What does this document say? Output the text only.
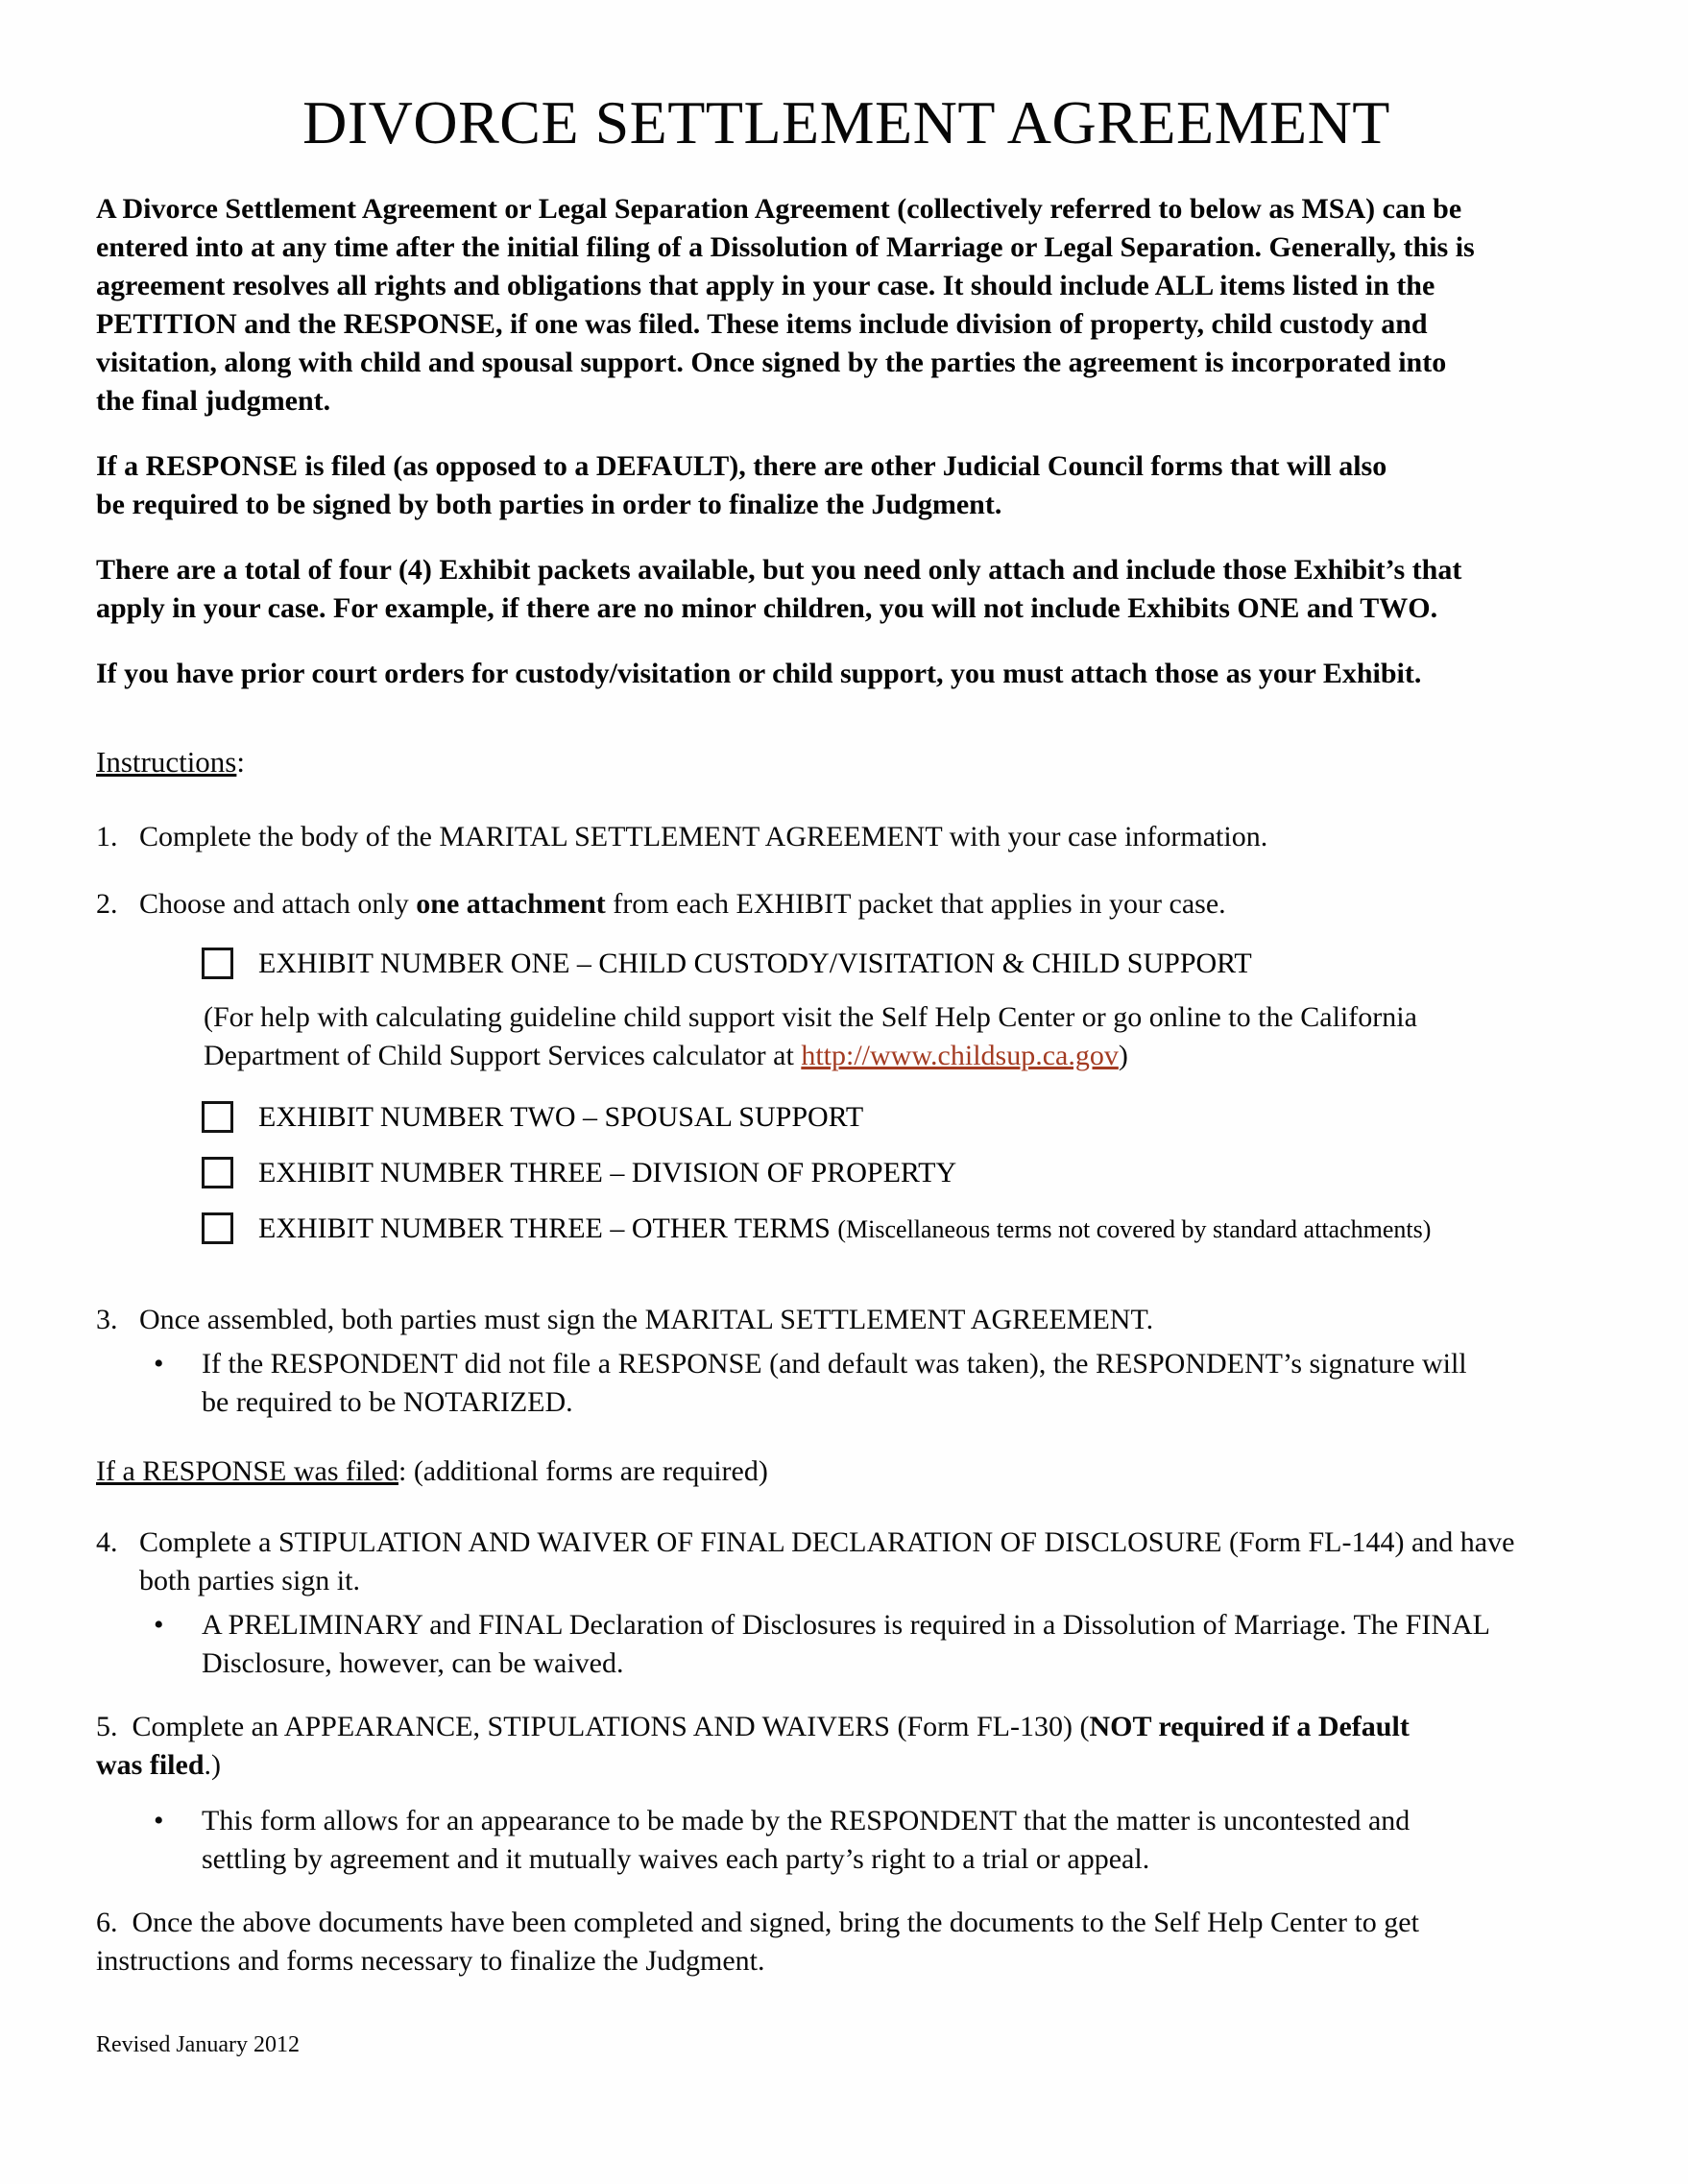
DIVORCE SETTLEMENT AGREEMENT
A Divorce Settlement Agreement or Legal Separation Agreement (collectively referred to below as MSA) can be
entered into at any time after the initial filing of a Dissolution of Marriage or Legal Separation. Generally, this is
agreement resolves all rights and obligations that apply in your case. It should include ALL items listed in the
PETITION and the RESPONSE, if one was filed. These items include division of property, child custody and
visitation, along with child and spousal support. Once signed by the parties the agreement is incorporated into
the final judgment.
If a RESPONSE is filed (as opposed to a DEFAULT), there are other Judicial Council forms that will also
be required to be signed by both parties in order to finalize the Judgment.
There are a total of four (4) Exhibit packets available, but you need only attach and include those Exhibit’s that
apply in your case. For example, if there are no minor children, you will not include Exhibits ONE and TWO.
If you have prior court orders for custody/visitation or child support, you must attach those as your Exhibit.
Instructions:
1. Complete the body of the MARITAL SETTLEMENT AGREEMENT with your case information.
2. Choose and attach only one attachment from each EXHIBIT packet that applies in your case.
EXHIBIT NUMBER ONE – CHILD CUSTODY/VISITATION & CHILD SUPPORT
(For help with calculating guideline child support visit the Self Help Center or go online to the California
Department of Child Support Services calculator at http://www.childsup.ca.gov)
EXHIBIT NUMBER TWO – SPOUSAL SUPPORT
EXHIBIT NUMBER THREE – DIVISION OF PROPERTY
EXHIBIT NUMBER THREE – OTHER TERMS (Miscellaneous terms not covered by standard attachments)
3. Once assembled, both parties must sign the MARITAL SETTLEMENT AGREEMENT.
•	If the RESPONDENT did not file a RESPONSE (and default was taken), the RESPONDENT’s signature will
be required to be NOTARIZED.
If a RESPONSE was filed: (additional forms are required)
4. Complete a STIPULATION AND WAIVER OF FINAL DECLARATION OF DISCLOSURE (Form FL-144) and have
both parties sign it.
•	A PRELIMINARY and FINAL Declaration of Disclosures is required in a Dissolution of Marriage. The FINAL
Disclosure, however, can be waived.
5.  Complete an APPEARANCE, STIPULATIONS AND WAIVERS (Form FL-130) (NOT required if a Default
was filed.)
•	This form allows for an appearance to be made by the RESPONDENT that the matter is uncontested and
settling by agreement and it mutually waives each party’s right to a trial or appeal.
6.  Once the above documents have been completed and signed, bring the documents to the Self Help Center to get
instructions and forms necessary to finalize the Judgment.
Revised January 2012
